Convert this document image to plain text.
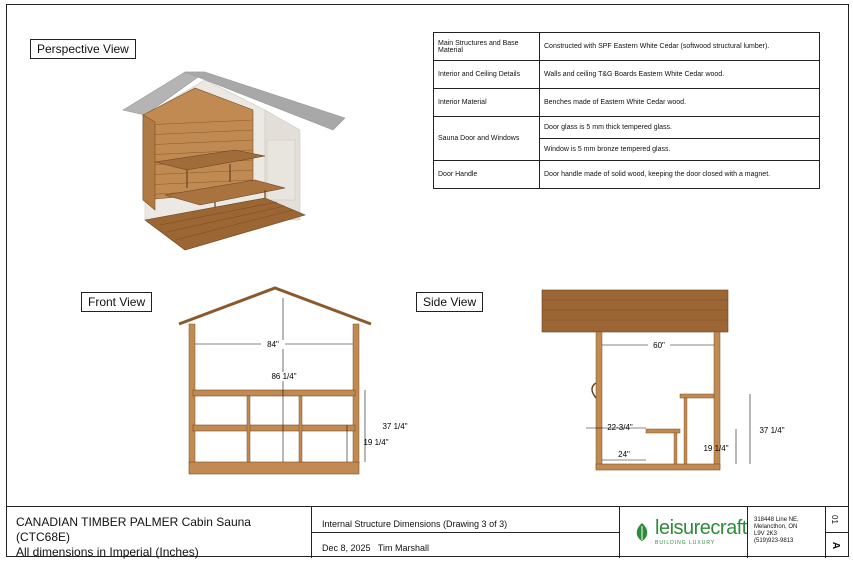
Perspective View
Front View	Side View
Main Structures and Base Material	Constructed with SPF Eastern White Cedar (softwood structural lumber).
Interior and Ceiling Details	Walls and ceiling T&G Boards Eastern White Cedar wood.
Interior Material	Benches made of Eastern White Cedar wood.
Sauna Door and Windows	Door glass is 5 mm thick tempered glass.
	Window is 5 mm bronze tempered glass.
Door Handle	Door handle made of solid wood, keeping the door closed with a magnet.
84"
86 1/4"
37 1/4"
19 1/4"
60"
22-3/4"
24"
37 1/4"
19 1/4"
CANADIAN TIMBER PALMER Cabin Sauna (CTC68E)
All dimensions in Imperial (Inches)
Internal Structure Dimensions (Drawing 3 of 3)
Dec 8, 2025 Tim Marshall
leisurecraft
BUILDING LUXURY
318448 Line NE,
Melancthon, ON
L9V 2K3
(519)923-9813
01
A
